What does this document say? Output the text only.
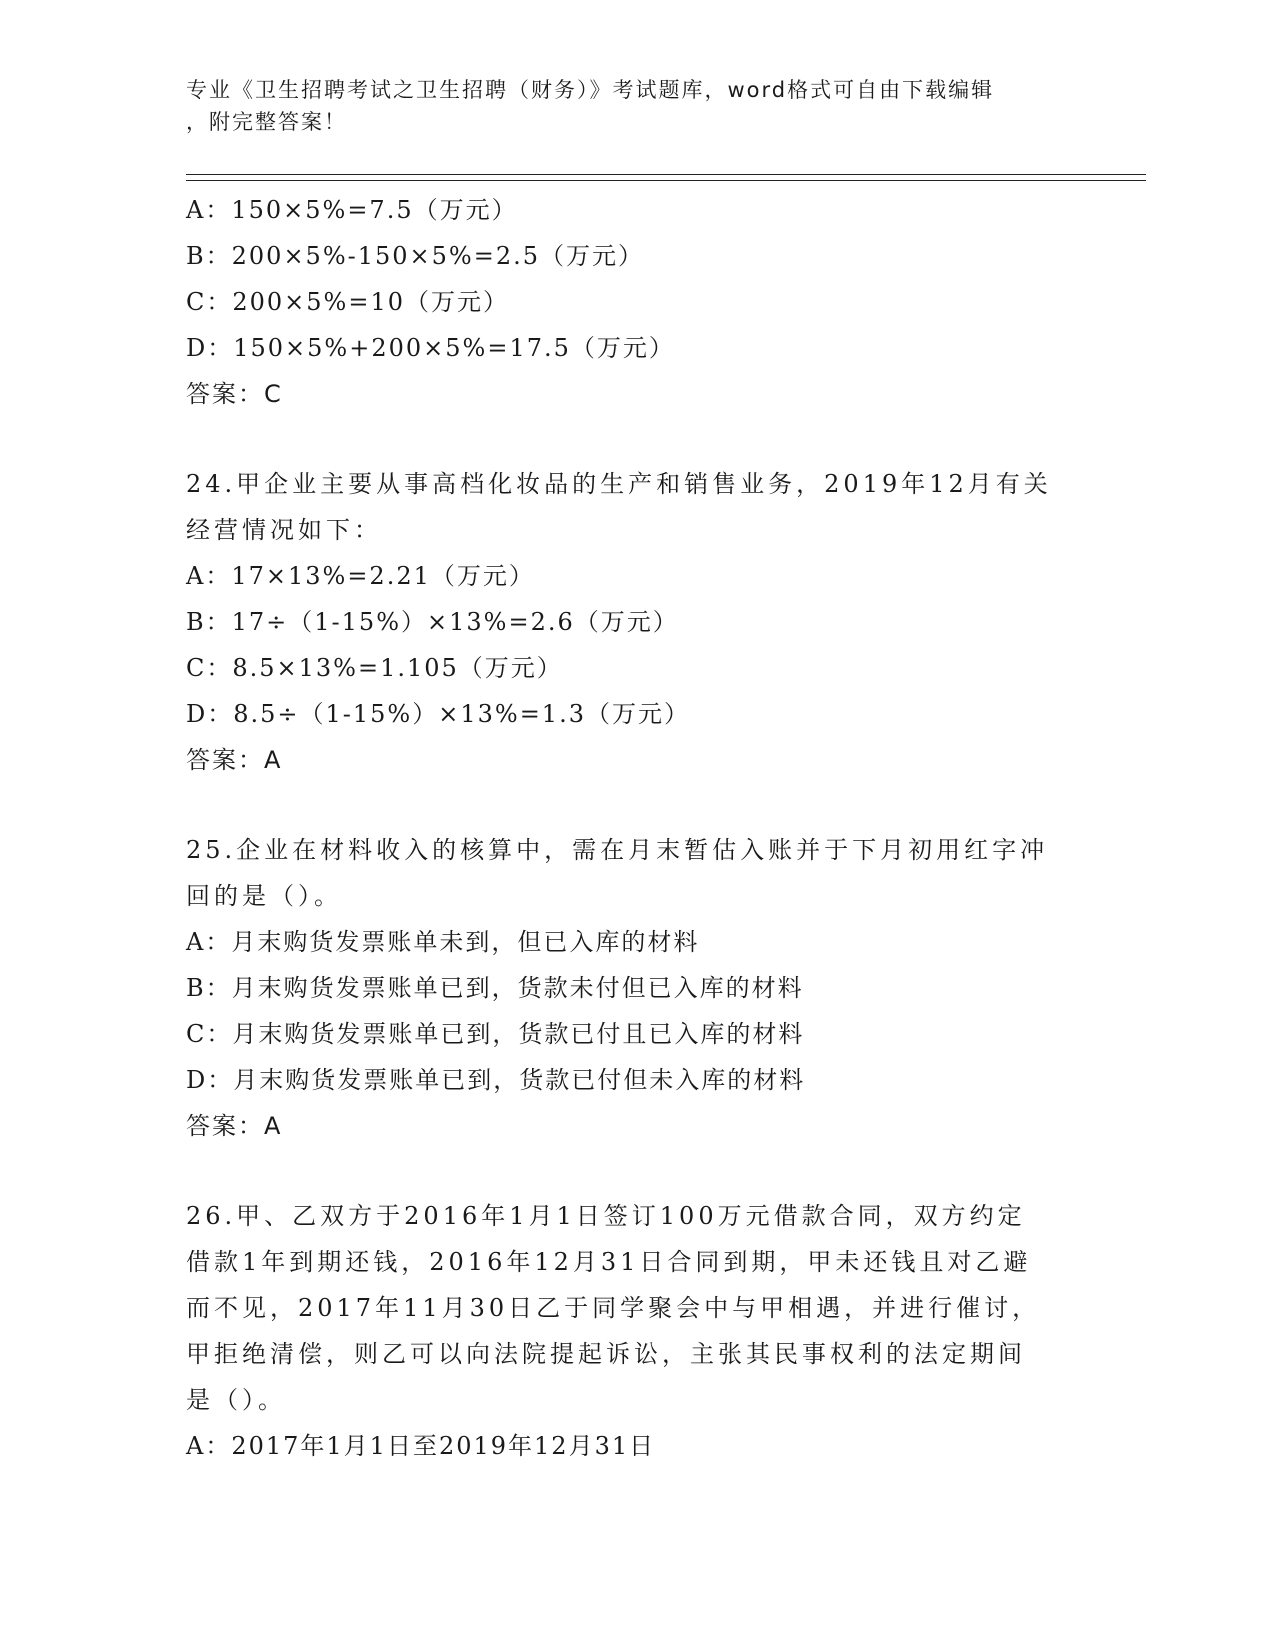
专业《卫生招聘考试之卫生招聘（财务）》考试题库，word格式可自由下载编辑
，附完整答案！
A：150×5%=7.5（万元）
B：200×5%-150×5%=2.5（万元）
C：200×5%=10（万元）
D：150×5%+200×5%=17.5（万元）
答案：C
24.甲企业主要从事高档化妆品的生产和销售业务，2019年12月有关
经营情况如下：
A：17×13%=2.21（万元）
B：17÷（1-15%）×13%=2.6（万元）
C：8.5×13%=1.105（万元）
D：8.5÷（1-15%）×13%=1.3（万元）
答案：A
25.企业在材料收入的核算中，需在月末暂估入账并于下月初用红字冲
回的是（）。
A：月末购货发票账单未到，但已入库的材料
B：月末购货发票账单已到，货款未付但已入库的材料
C：月末购货发票账单已到，货款已付且已入库的材料
D：月末购货发票账单已到，货款已付但未入库的材料
答案：A
26.甲、乙双方于2016年1月1日签订100万元借款合同，双方约定
借款1年到期还钱，2016年12月31日合同到期，甲未还钱且对乙避
而不见，2017年11月30日乙于同学聚会中与甲相遇，并进行催讨，
甲拒绝清偿，则乙可以向法院提起诉讼，主张其民事权利的法定期间
是（）。
A：2017年1月1日至2019年12月31日
